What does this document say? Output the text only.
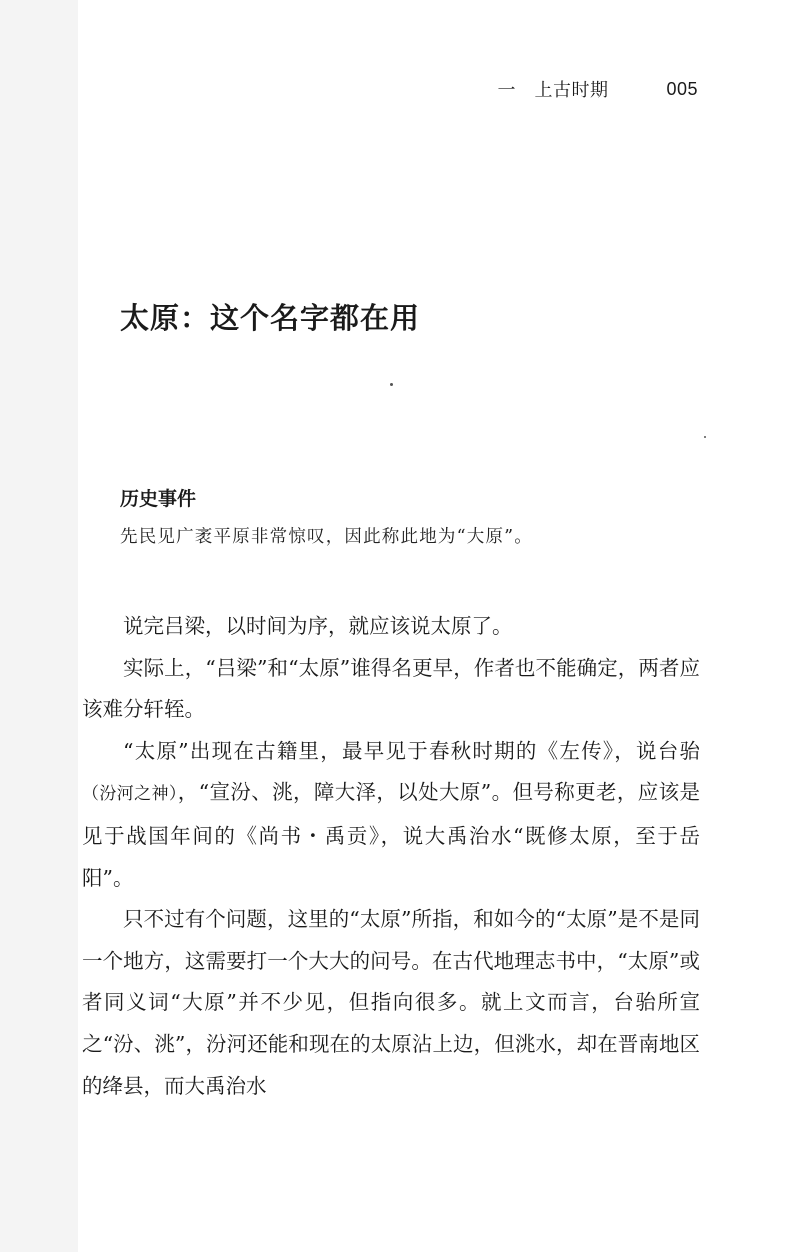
一　上古时期	005
太原：这个名字都在用
历史事件
先民见广袤平原非常惊叹，因此称此地为“大原”。

说完吕梁，以时间为序，就应该说太原了。

实际上，“吕梁”和“太原”谁得名更早，作者也不能确定，两者应该难分轩轾。

“太原”出现在古籍里，最早见于春秋时期的《左传》，说台骀（汾河之神），“宣汾、洮，障大泽，以处大原”。但号称更老，应该是见于战国年间的《尚书・禹贡》，说大禹治水“既修太原，至于岳阳”。

只不过有个问题，这里的“太原”所指，和如今的“太原”是不是同一个地方，这需要打一个大大的问号。在古代地理志书中，“太原”或者同义词“大原”并不少见，但指向很多。就上文而言，台骀所宣之“汾、洮”，汾河还能和现在的太原沾上边，但洮水，却在晋南地区的绛县，而大禹治水
